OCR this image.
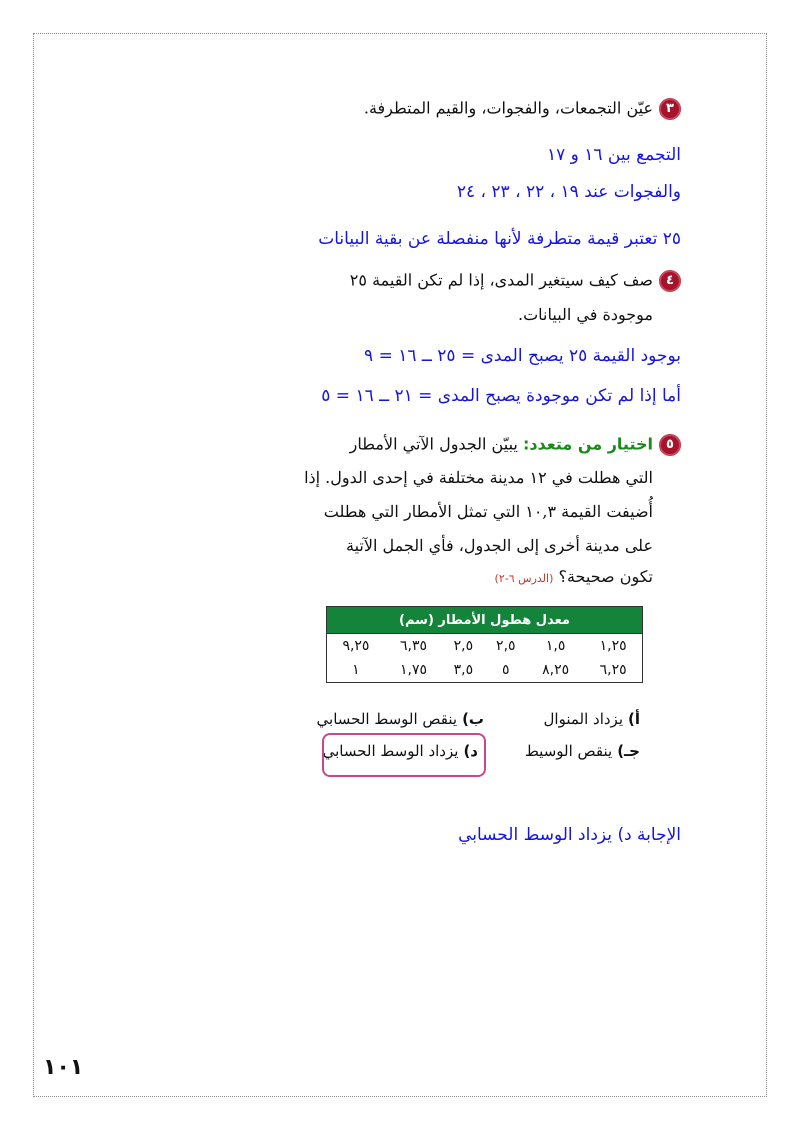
٣عيّن التجمعات، والفجوات، والقيم المتطرفة.
التجمع بين ١٦ و ١٧
والفجوات عند ١٩ ، ٢٢ ، ٢٣ ، ٢٤
٢٥ تعتبر قيمة متطرفة لأنها منفصلة عن بقية البيانات
٤صف كيف سيتغير المدى، إذا لم تكن القيمة ٢٥
موجودة في البيانات.
بوجود القيمة ٢٥ يصبح المدى = ٢٥ ــ ١٦ = ٩
أما إذا لم تكن موجودة يصبح المدى = ٢١ ــ ١٦ = ٥
٥اختيار من متعدد: يبيّن الجدول الآتي الأمطار
التي هطلت في ١٢ مدينة مختلفة في إحدى الدول. إذا
أُضيفت القيمة ١٠,٣ التي تمثل الأمطار التي هطلت
على مدينة أخرى إلى الجدول، فأي الجمل الآتية
تكون صحيحة؟ (الدرس ٦-٢)
معدل هطول الأمطار (سم)					
١,٢٥	١,٥	٢,٥	٢,٥	٦,٣٥	٩,٢٥
٦,٢٥	٨,٢٥	٥	٣,٥	١,٧٥	١
أ)يزداد المنوال
ب)ينقص الوسط الحسابي
جـ)ينقص الوسيط
د)يزداد الوسط الحسابي
الإجابة د) يزداد الوسط الحسابي
١٠١
